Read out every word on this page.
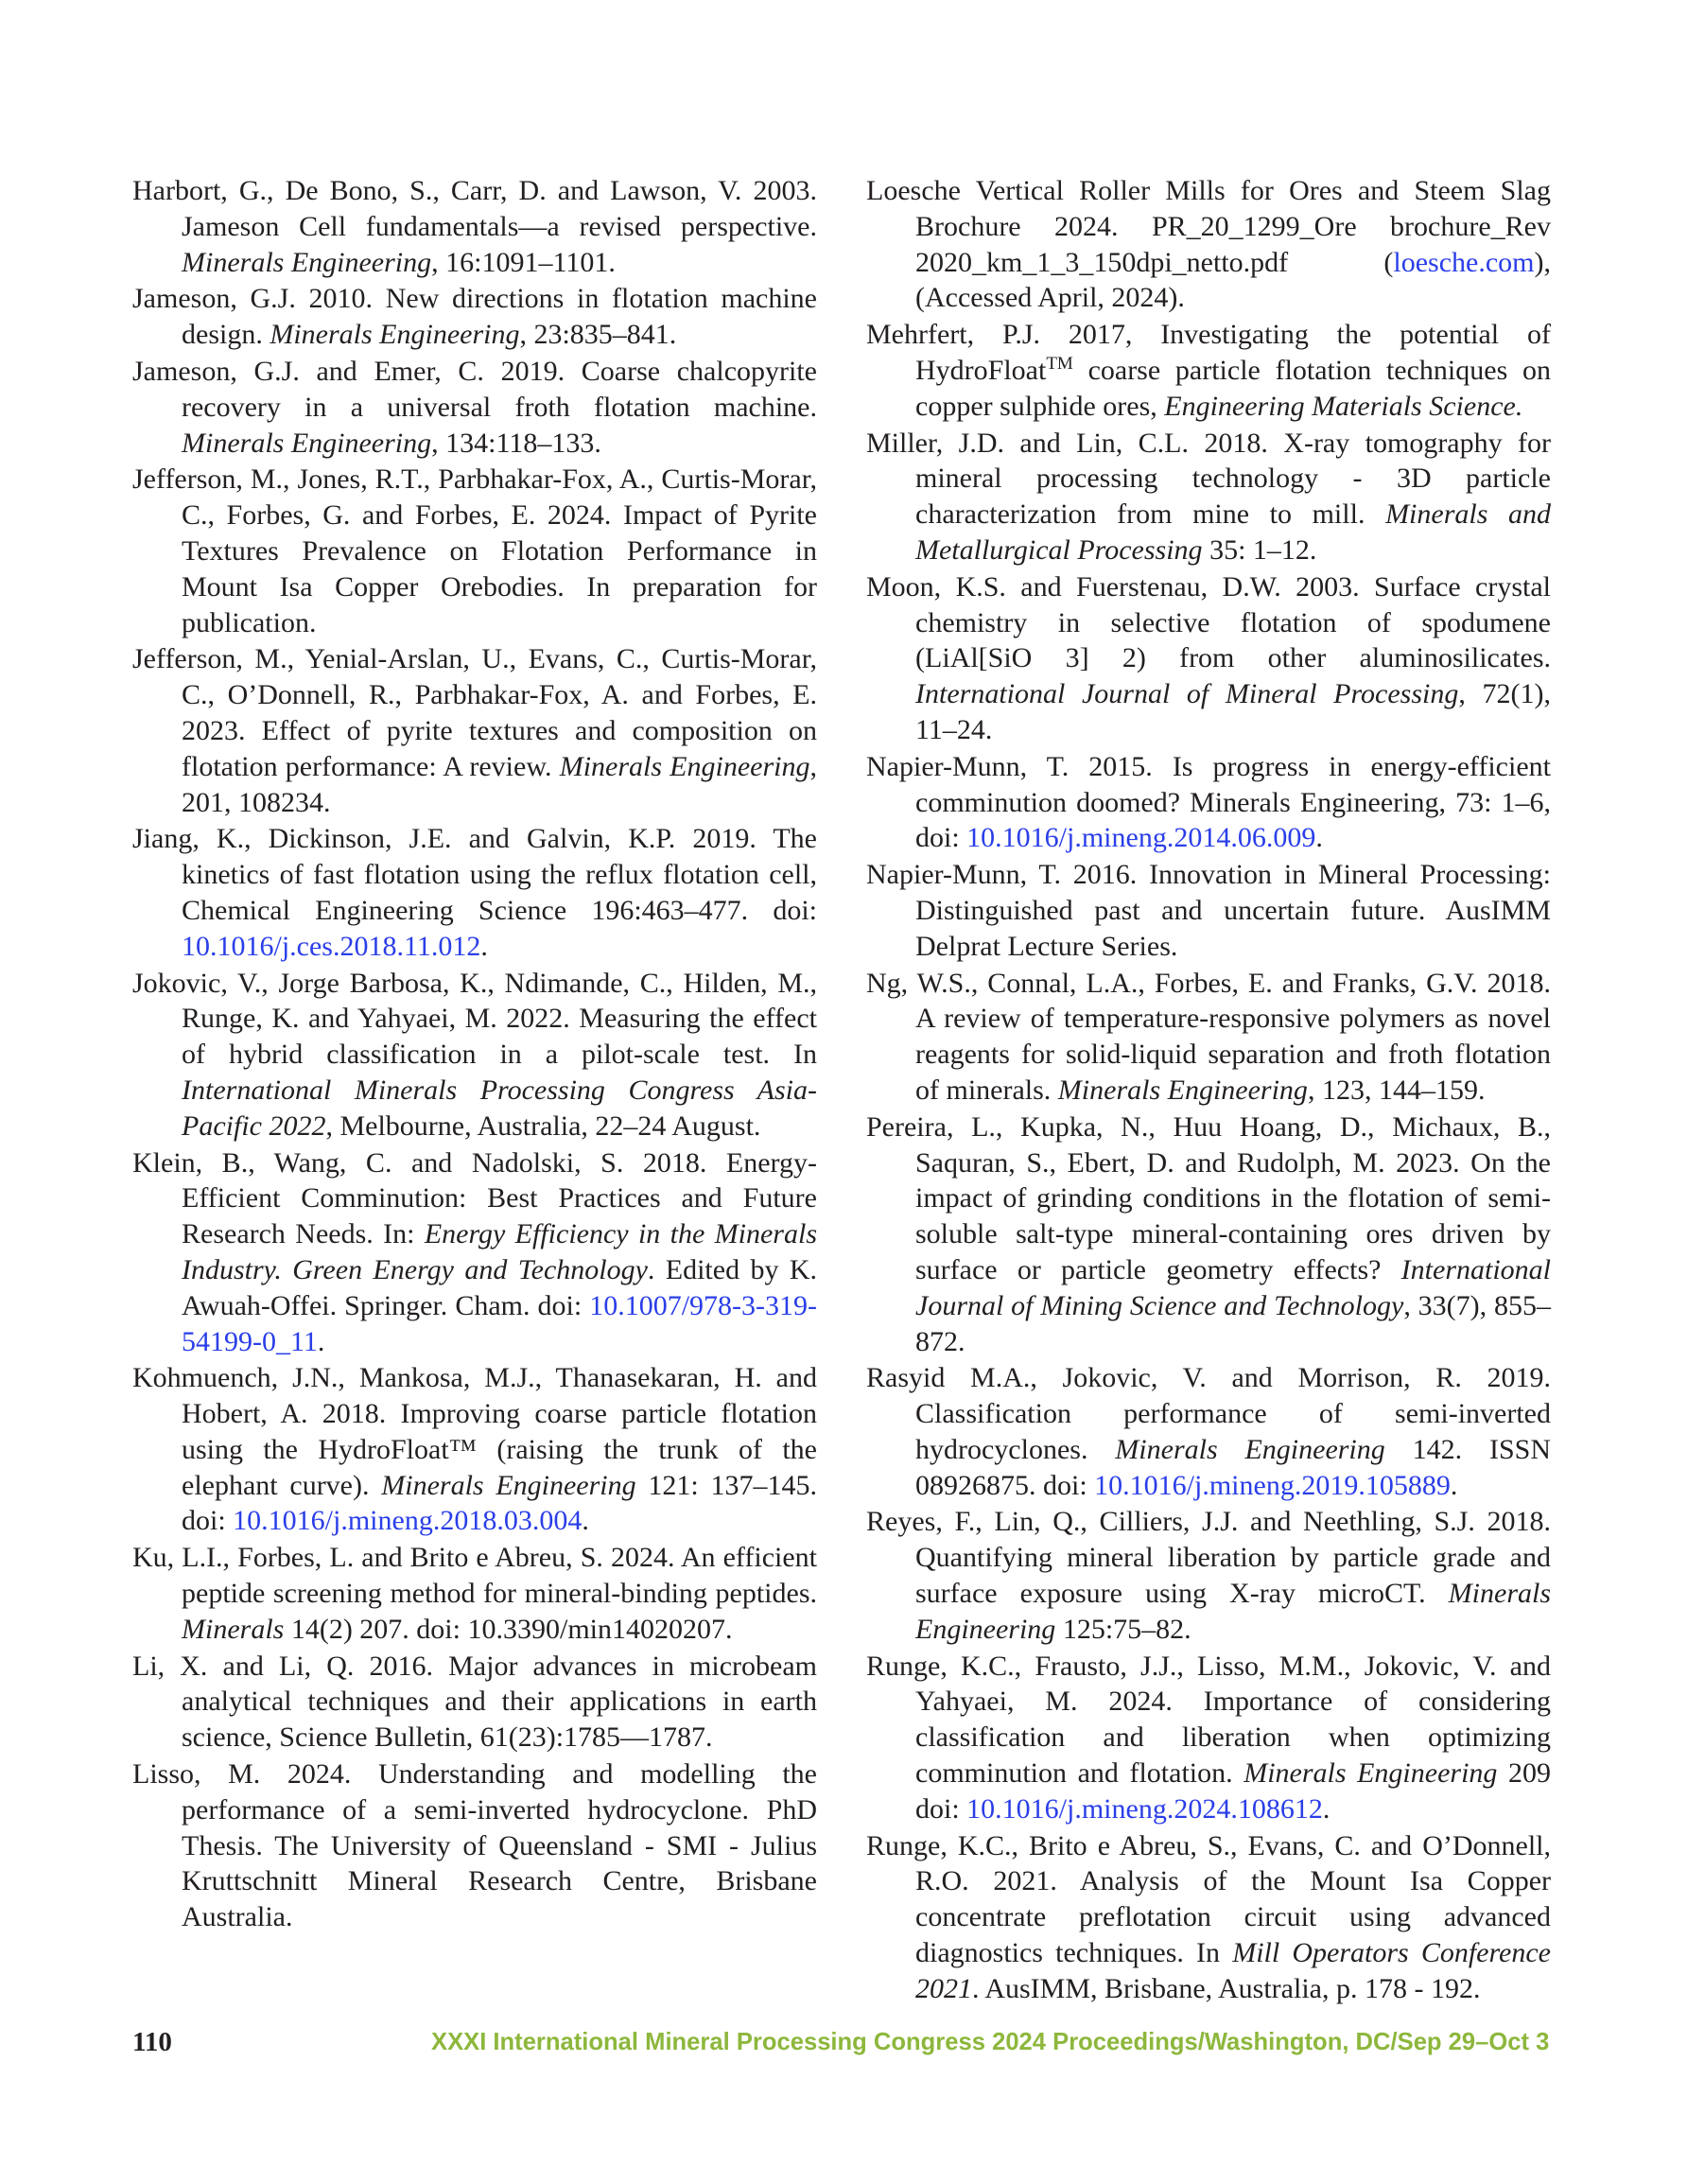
Harbort, G., De Bono, S., Carr, D. and Lawson, V. 2003. Jameson Cell fundamentals—a revised perspective. Minerals Engineering, 16:1091–1101.

Jameson, G.J. 2010. New directions in flotation machine design. Minerals Engineering, 23:835–841.

Jameson, G.J. and Emer, C. 2019. Coarse chalcopyrite recovery in a universal froth flotation machine. Minerals Engineering, 134:118–133.

Jefferson, M., Jones, R.T., Parbhakar-Fox, A., Curtis-Morar, C., Forbes, G. and Forbes, E. 2024. Impact of Pyrite Textures Prevalence on Flotation Performance in Mount Isa Copper Orebodies. In preparation for publication.

Jefferson, M., Yenial-Arslan, U., Evans, C., Curtis-Morar, C., O’Donnell, R., Parbhakar-Fox, A. and Forbes, E. 2023. Effect of pyrite textures and composition on flotation performance: A review. Minerals Engineering, 201, 108234.

Jiang, K., Dickinson, J.E. and Galvin, K.P. 2019. The kinetics of fast flotation using the reflux flotation cell, Chemical Engineering Science 196:463–477. doi: 10.1016/j.ces.2018.11.012.

Jokovic, V., Jorge Barbosa, K., Ndimande, C., Hilden, M., Runge, K. and Yahyaei, M. 2022. Measuring the effect of hybrid classification in a pilot-scale test. In International Minerals Processing Congress Asia-Pacific 2022, Melbourne, Australia, 22–24 August.

Klein, B., Wang, C. and Nadolski, S. 2018. Energy-Efficient Comminution: Best Practices and Future Research Needs. In: Energy Efficiency in the Minerals Industry. Green Energy and Technology. Edited by K. Awuah-Offei. Springer. Cham. doi: 10.1007/978-3-319-54199-0_11.

Kohmuench, J.N., Mankosa, M.J., Thanasekaran, H. and Hobert, A. 2018. Improving coarse particle flotation using the HydroFloat™ (raising the trunk of the elephant curve). Minerals Engineering 121: 137–145. doi: 10.1016/j.mineng.2018.03.004.

Ku, L.I., Forbes, L. and Brito e Abreu, S. 2024. An efficient peptide screening method for mineral-binding peptides. Minerals 14(2) 207. doi: 10.3390/min14020207.

Li, X. and Li, Q. 2016. Major advances in microbeam analytical techniques and their applications in earth science, Science Bulletin, 61(23):1785—1787.

Lisso, M. 2024. Understanding and modelling the performance of a semi-inverted hydrocyclone. PhD Thesis. The University of Queensland - SMI - Julius Kruttschnitt Mineral Research Centre, Brisbane Australia.

Loesche Vertical Roller Mills for Ores and Steem Slag Brochure 2024. PR_20_1299_Ore brochure_Rev 2020_km_1_3_150dpi_netto.pdf (loesche.com), (Accessed April, 2024).

Mehrfert, P.J. 2017, Investigating the potential of HydroFloat™ coarse particle flotation techniques on copper sulphide ores, Engineering Materials Science.

Miller, J.D. and Lin, C.L. 2018. X-ray tomography for mineral processing technology - 3D particle characterization from mine to mill. Minerals and Metallurgical Processing 35: 1–12.

Moon, K.S. and Fuerstenau, D.W. 2003. Surface crystal chemistry in selective flotation of spodumene (LiAl[SiO 3] 2) from other aluminosilicates. International Journal of Mineral Processing, 72(1), 11–24.

Napier-Munn, T. 2015. Is progress in energy-efficient comminution doomed? Minerals Engineering, 73: 1–6, doi: 10.1016/j.mineng.2014.06.009.

Napier-Munn, T. 2016. Innovation in Mineral Processing: Distinguished past and uncertain future. AusIMM Delprat Lecture Series.

Ng, W.S., Connal, L.A., Forbes, E. and Franks, G.V. 2018. A review of temperature-responsive polymers as novel reagents for solid-liquid separation and froth flotation of minerals. Minerals Engineering, 123, 144–159.

Pereira, L., Kupka, N., Huu Hoang, D., Michaux, B., Saquran, S., Ebert, D. and Rudolph, M. 2023. On the impact of grinding conditions in the flotation of semi-soluble salt-type mineral-containing ores driven by surface or particle geometry effects? International Journal of Mining Science and Technology, 33(7), 855–872.

Rasyid M.A., Jokovic, V. and Morrison, R. 2019. Classification performance of semi-inverted hydrocyclones. Minerals Engineering 142. ISSN 08926875. doi: 10.1016/j.mineng.2019.105889.

Reyes, F., Lin, Q., Cilliers, J.J. and Neethling, S.J. 2018. Quantifying mineral liberation by particle grade and surface exposure using X-ray microCT. Minerals Engineering 125:75–82.

Runge, K.C., Frausto, J.J., Lisso, M.M., Jokovic, V. and Yahyaei, M. 2024. Importance of considering classification and liberation when optimizing comminution and flotation. Minerals Engineering 209 doi: 10.1016/j.mineng.2024.108612.

Runge, K.C., Brito e Abreu, S., Evans, C. and O’Donnell, R.O. 2021. Analysis of the Mount Isa Copper concentrate preflotation circuit using advanced diagnostics techniques. In Mill Operators Conference 2021. AusIMM, Brisbane, Australia, p. 178 - 192.

110	XXXI International Mineral Processing Congress 2024 Proceedings/Washington, DC/Sep 29–Oct 3
